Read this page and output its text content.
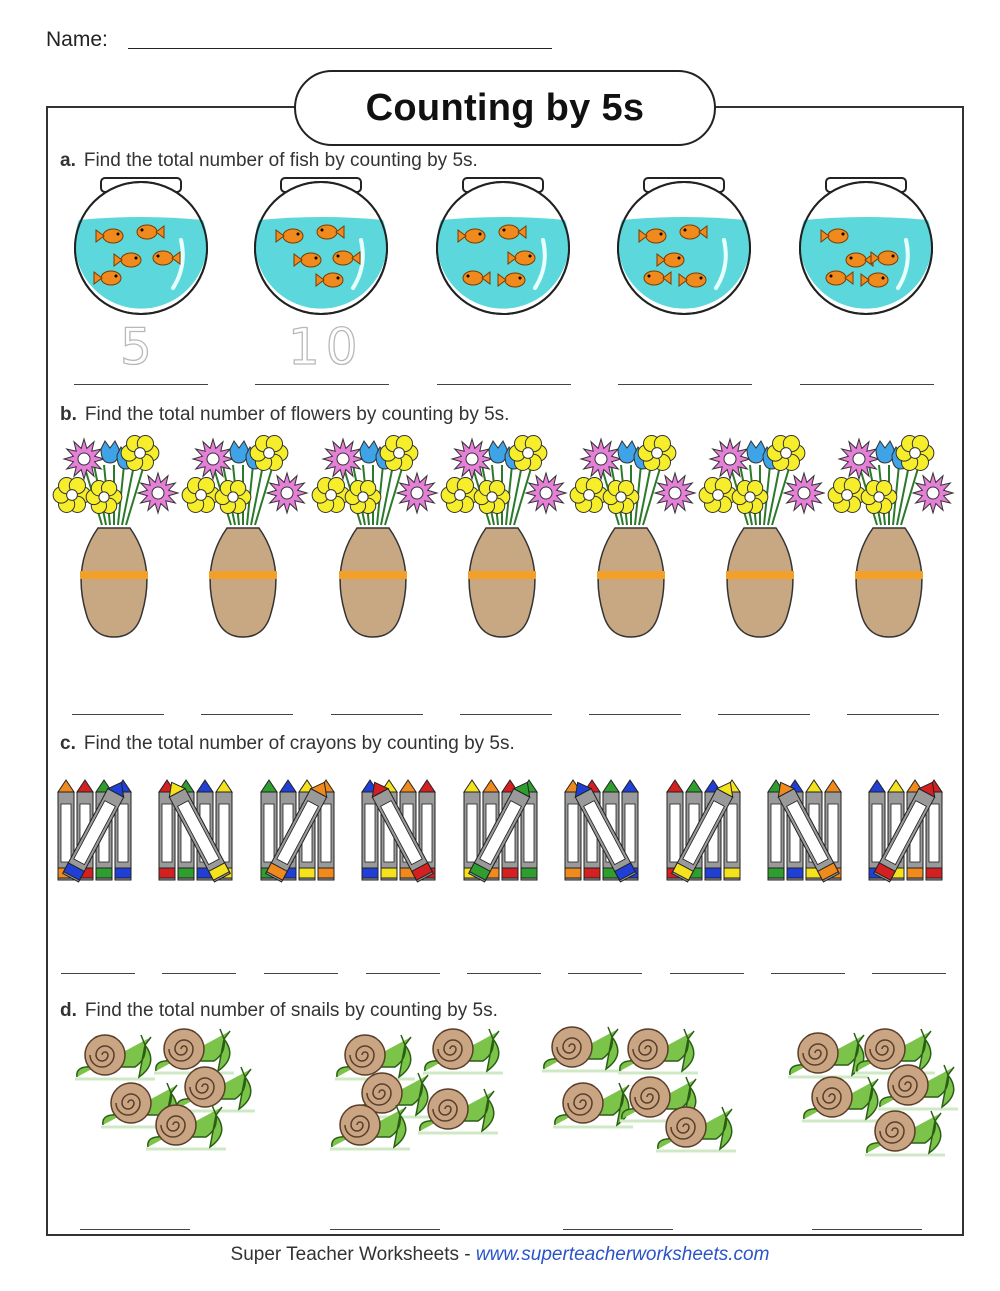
Name:
Counting by 5s
a. Find the total number of fish by counting by 5s.
5	10
b. Find the total number of flowers by counting by 5s.
c. Find the total number of crayons by counting by 5s.
d. Find the total number of snails by counting by 5s.
Super Teacher Worksheets - www.superteacherworksheets.com
